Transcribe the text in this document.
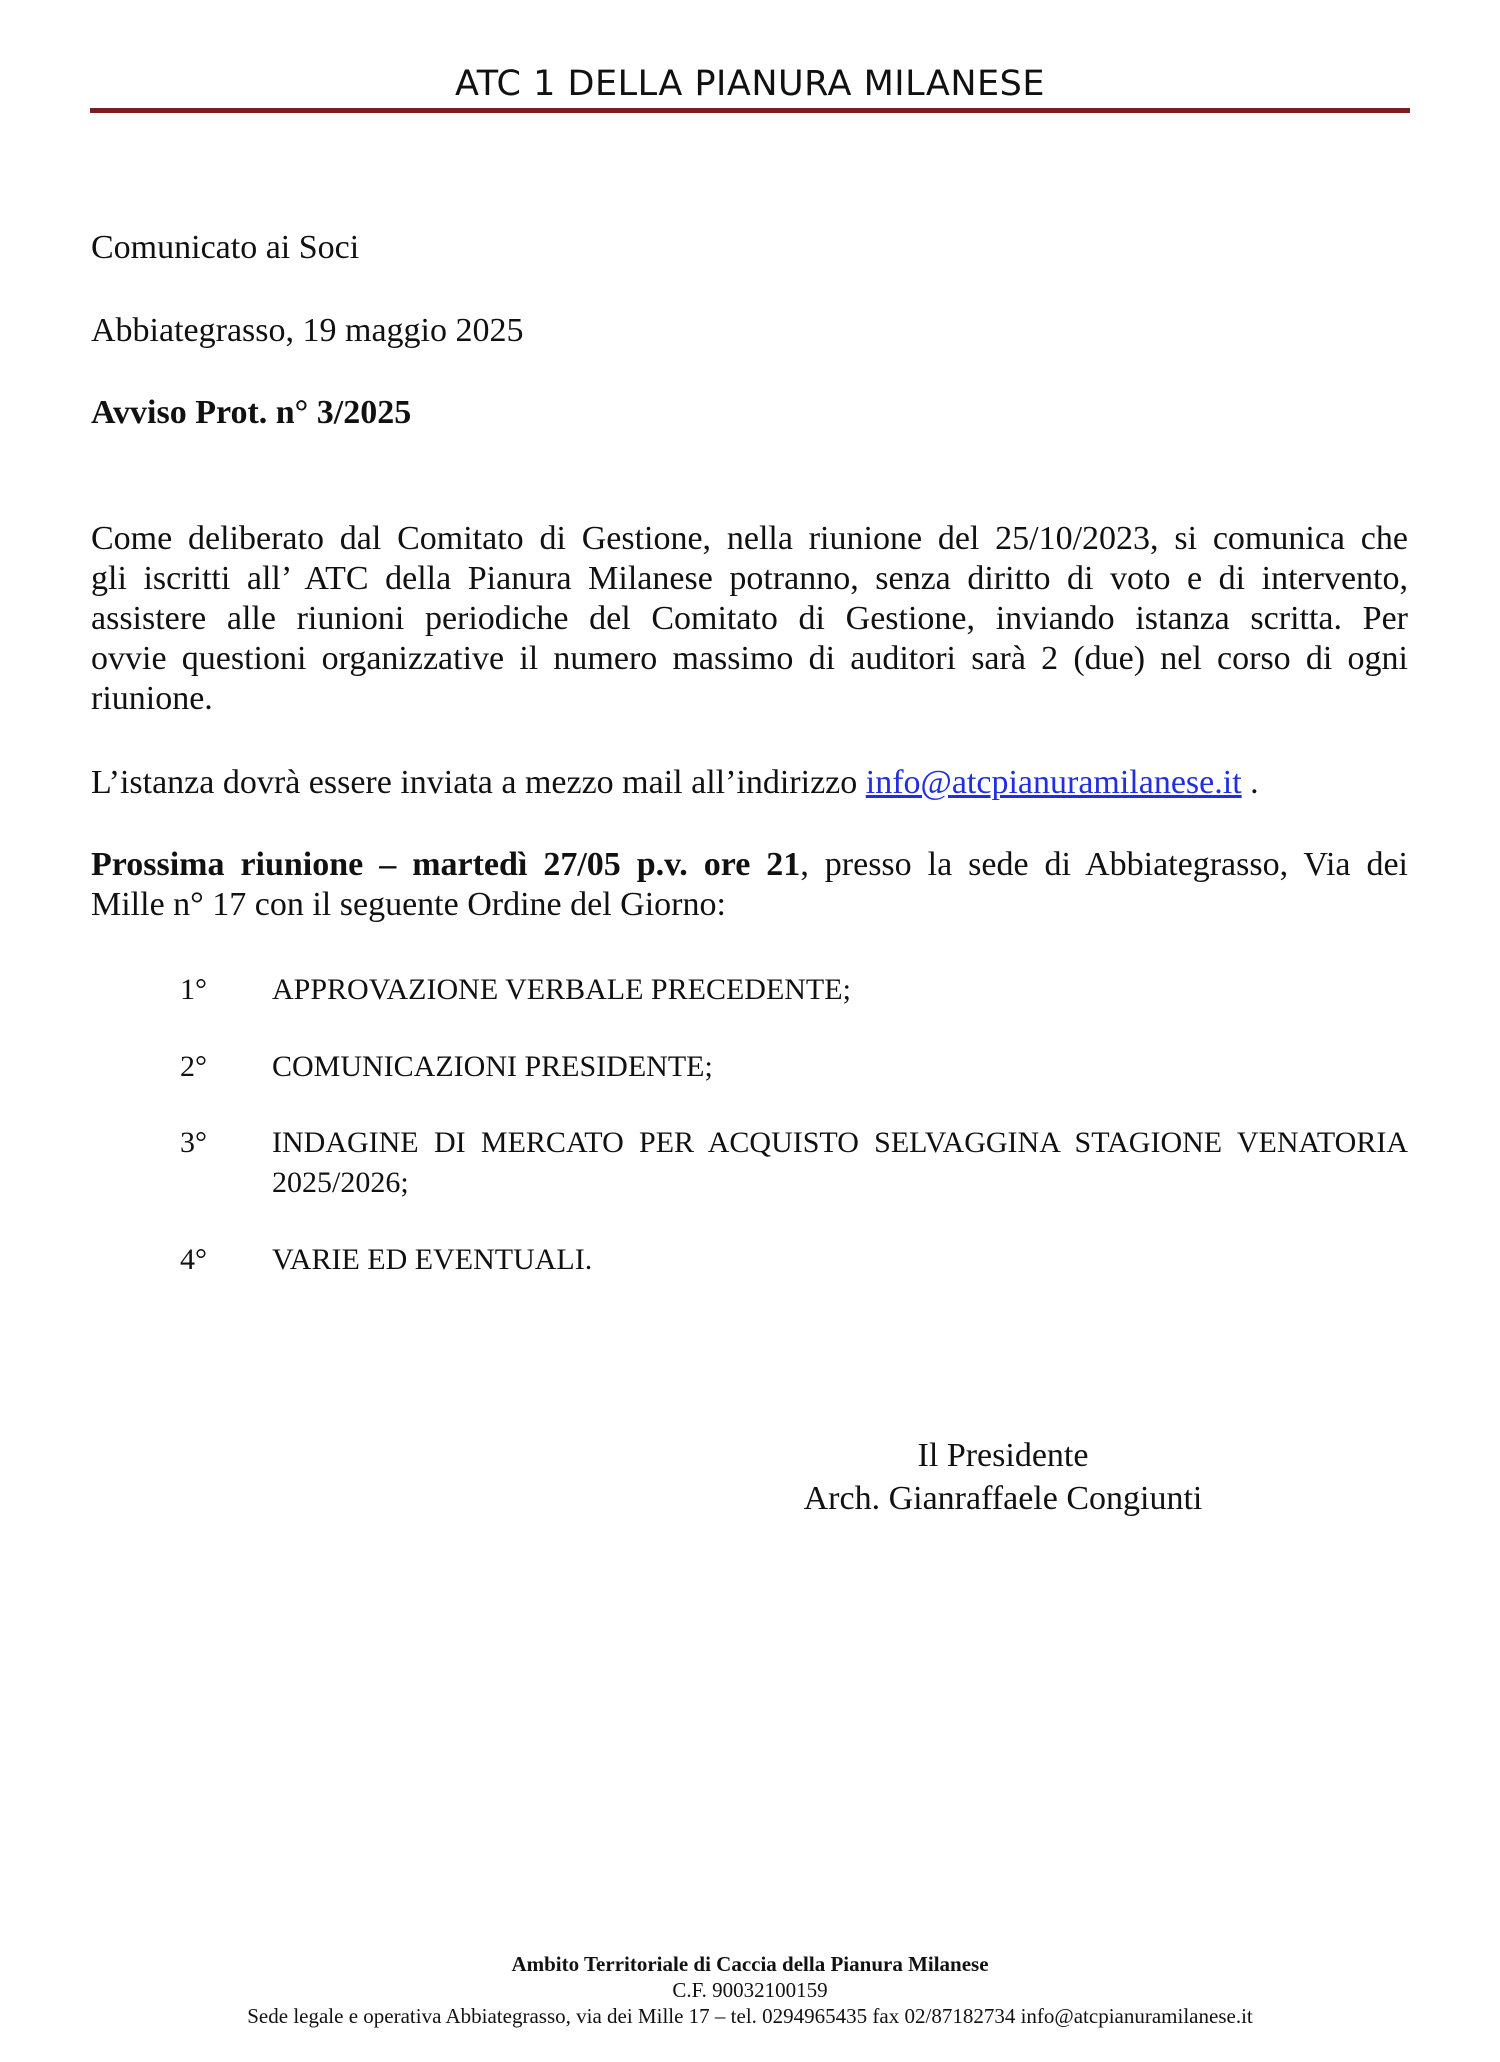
ATC 1 DELLA PIANURA MILANESE
Comunicato ai Soci
Abbiategrasso, 19 maggio 2025
Avviso Prot. n° 3/2025
Come deliberato dal Comitato di Gestione, nella riunione del 25/10/2023, si comunica che
gli iscritti all’ ATC della Pianura Milanese potranno, senza diritto di voto e di intervento,
assistere alle riunioni periodiche del Comitato di Gestione, inviando istanza scritta. Per
ovvie questioni organizzative il numero massimo di auditori sarà 2 (due) nel corso di ogni
riunione.
L’istanza dovrà essere inviata a mezzo mail all’indirizzo info@atcpianuramilanese.it .
Prossima riunione – martedì 27/05 p.v. ore 21, presso la sede di Abbiategrasso, Via dei
Mille n° 17 con il seguente Ordine del Giorno:
1° APPROVAZIONE VERBALE PRECEDENTE;
2° COMUNICAZIONI PRESIDENTE;
3° INDAGINE DI MERCATO PER ACQUISTO SELVAGGINA STAGIONE VENATORIA
2025/2026;
4° VARIE ED EVENTUALI.
Il Presidente
Arch. Gianraffaele Congiunti
Ambito Territoriale di Caccia della Pianura Milanese
C.F. 90032100159
Sede legale e operativa Abbiategrasso, via dei Mille 17 – tel. 0294965435 fax 02/87182734 info@atcpianuramilanese.it
